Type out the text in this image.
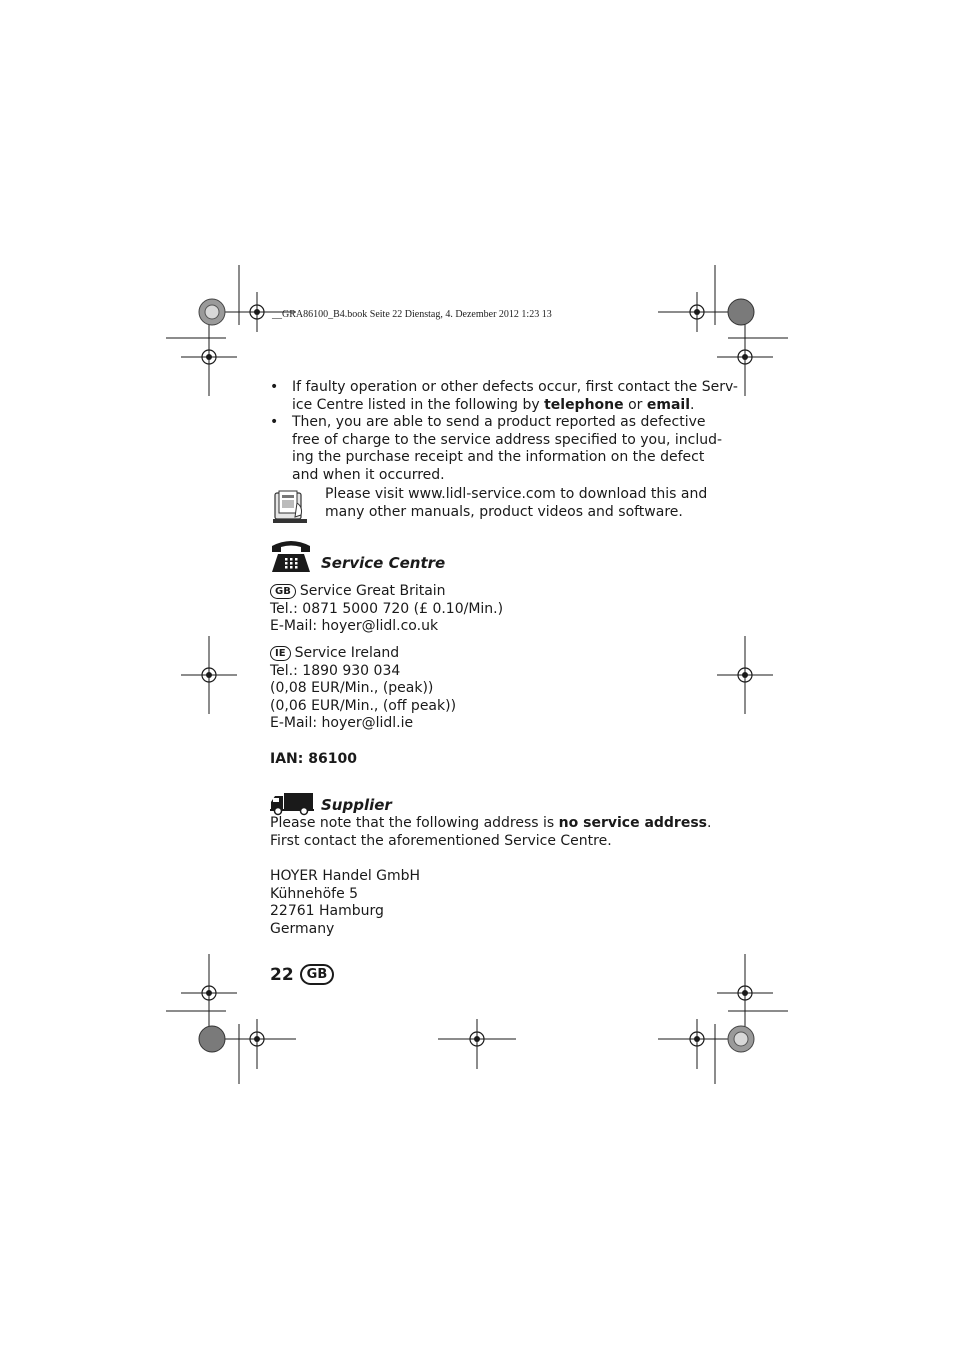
__GRA86100_B4.book Seite 22 Dienstag, 4. Dezember 2012 1:23 13
• If faulty operation or other defects occur, first contact the Serv-
ice Centre listed in the following by telephone or email.
• Then, you are able to send a product reported as defective
free of charge to the service address specified to you, includ-
ing the purchase receipt and the information on the defect
and when it occurred.
Please visit www.lidl-service.com to download this and
many other manuals, product videos and software.
Service Centre
GB Service Great Britain
Tel.: 0871 5000 720 (£ 0.10/Min.)
E-Mail: hoyer@lidl.co.uk
IE Service Ireland
Tel.: 1890 930 034
(0,08 EUR/Min., (peak))
(0,06 EUR/Min., (off peak))
E-Mail: hoyer@lidl.ie
IAN: 86100
Supplier
Please note that the following address is no service address.
First contact the aforementioned Service Centre.
HOYER Handel GmbH
Kühnehöfe 5
22761 Hamburg
Germany
22 GB
